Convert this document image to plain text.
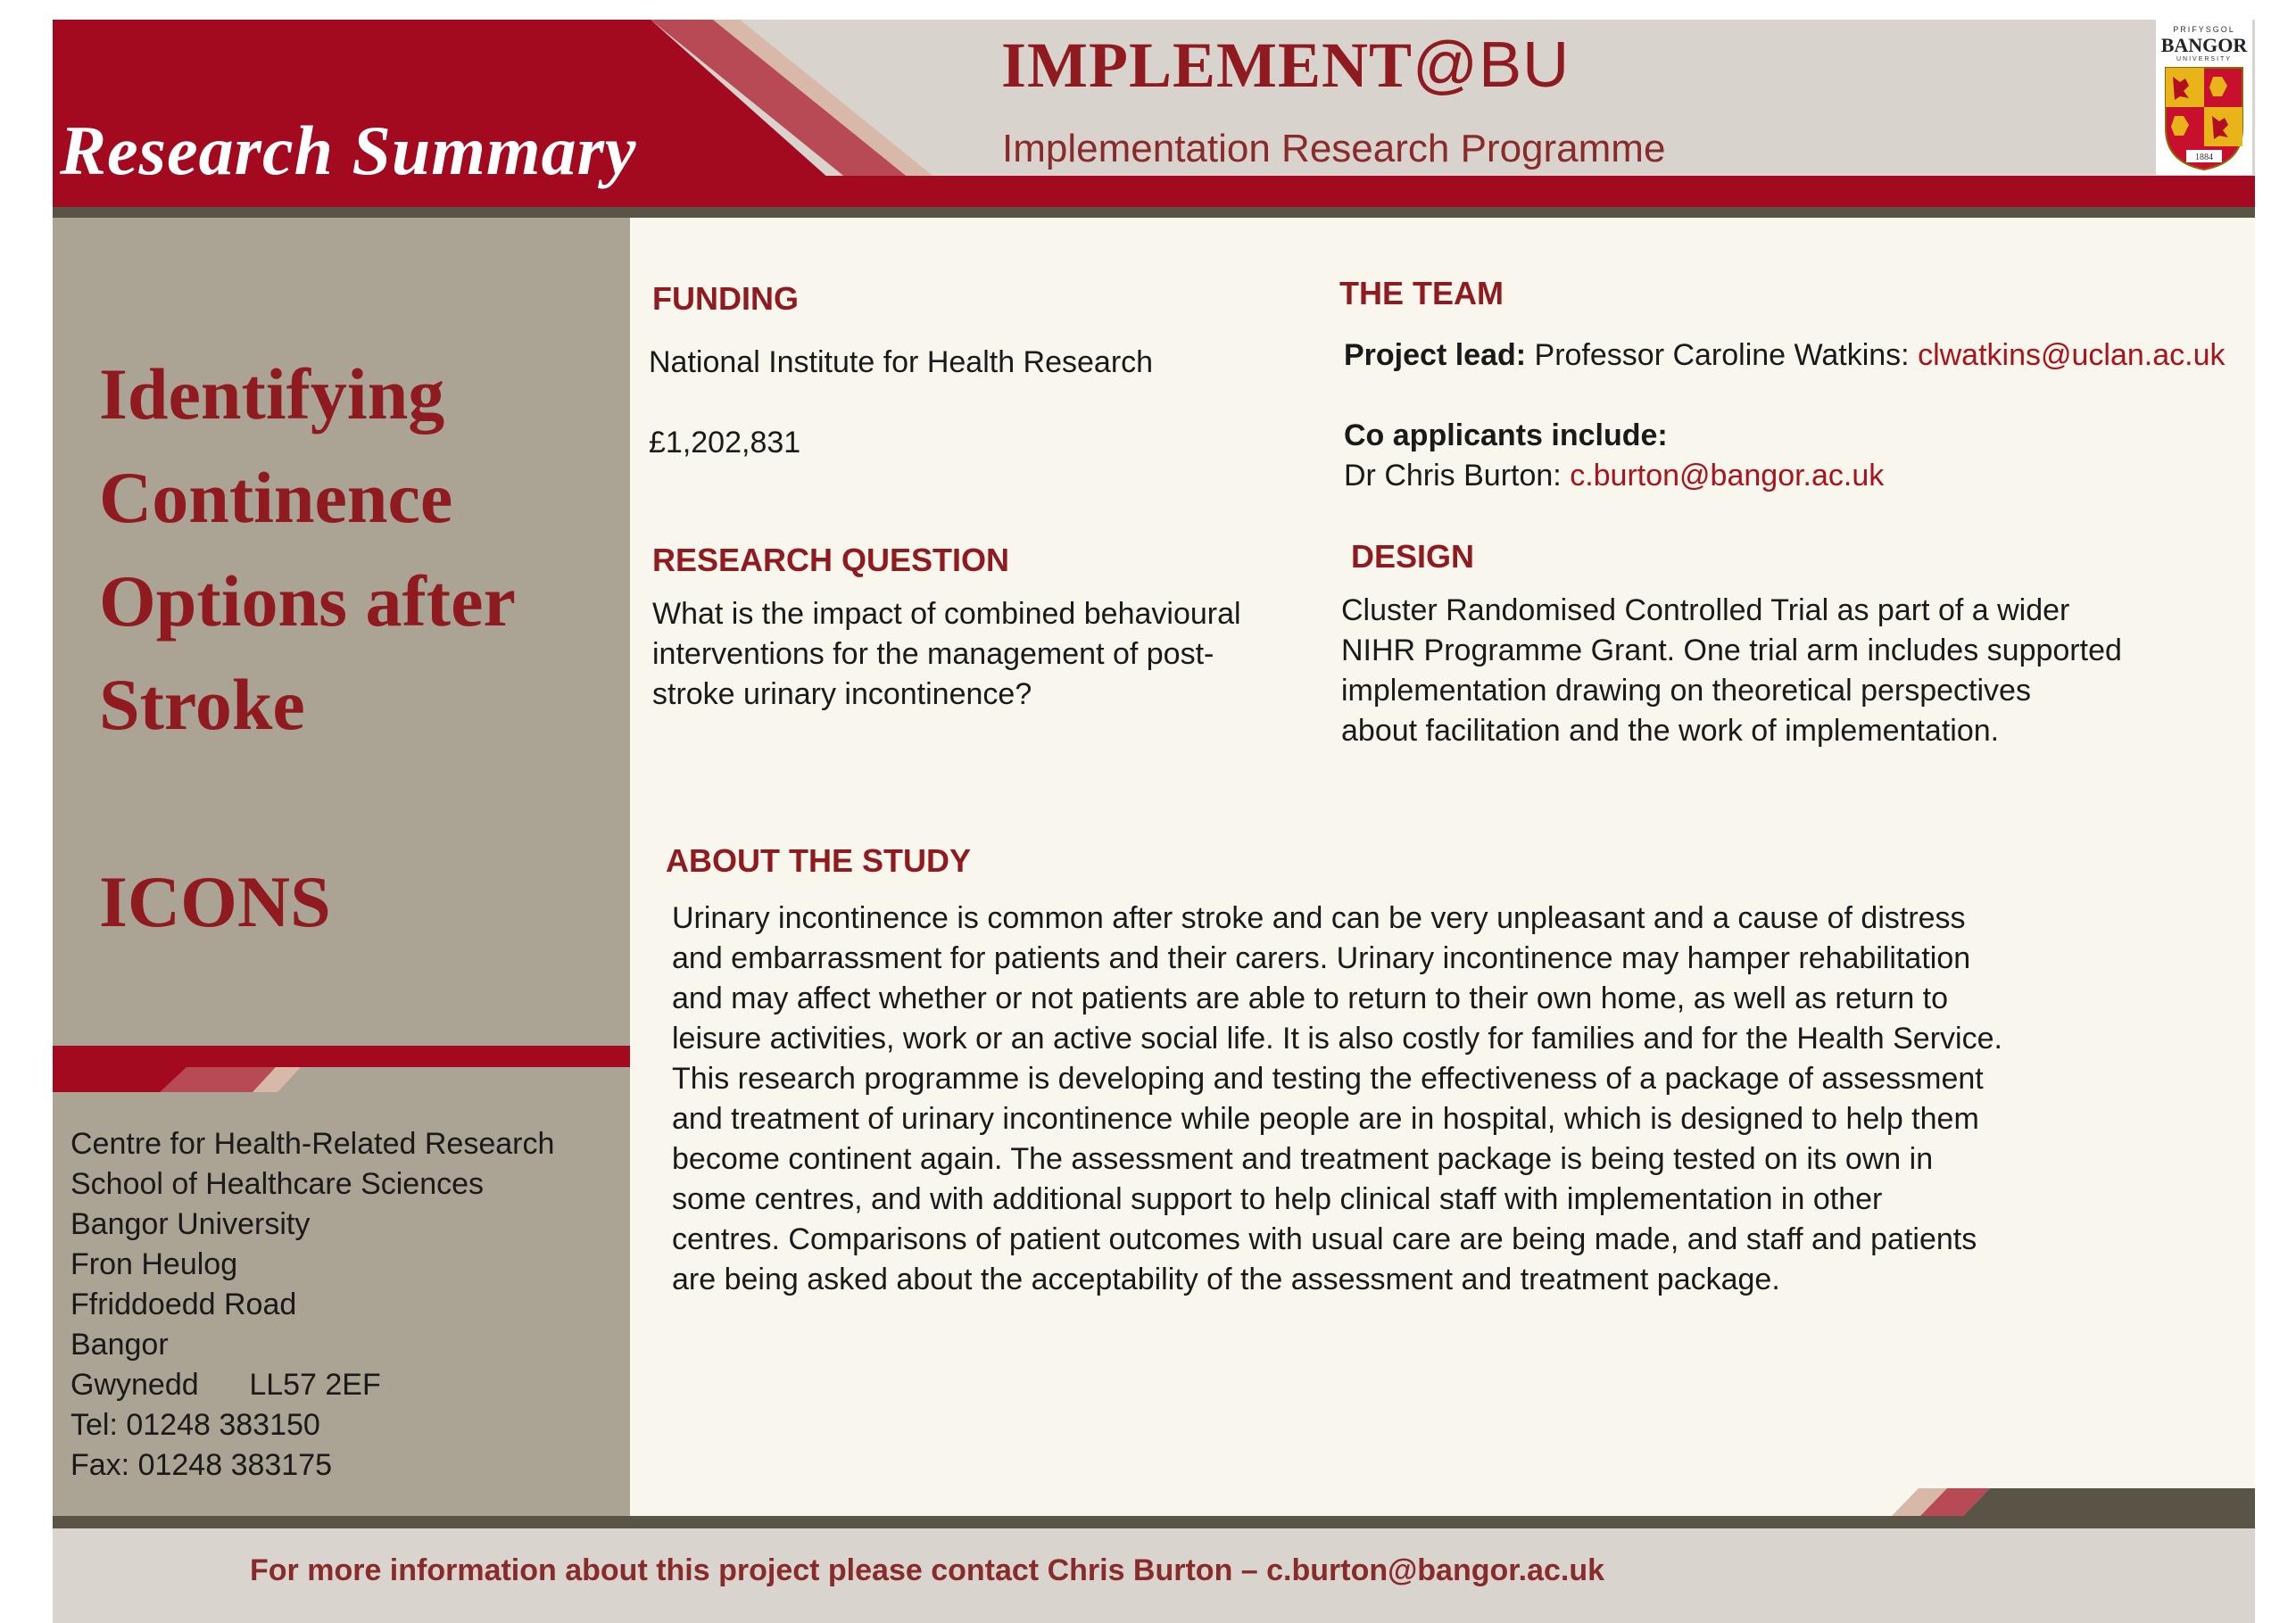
IMPLEMENT@BU
Implementation Research Programme
Research Summary
PRIFYSGOL
BANGOR
UNIVERSITY
1884
Identifying
Continence
Options after
Stroke
ICONS
Centre for Health-Related Research
School of Healthcare Sciences
Bangor University
Fron Heulog
Ffriddoedd Road
Bangor
Gwynedd      LL57 2EF
Tel: 01248 383150
Fax: 01248 383175
FUNDING
National Institute for Health Research
£1,202,831
THE TEAM
Project lead: Professor Caroline Watkins: clwatkins@uclan.ac.uk
Co applicants include:
Dr Chris Burton: c.burton@bangor.ac.uk
RESEARCH QUESTION
What is the impact of combined behavioural
interventions for the management of post-
stroke urinary incontinence?
DESIGN
Cluster Randomised Controlled Trial as part of a wider
NIHR Programme Grant. One trial arm includes supported
implementation drawing on theoretical perspectives
about facilitation and the work of implementation.
ABOUT THE STUDY
Urinary incontinence is common after stroke and can be very unpleasant and a cause of distress
and embarrassment for patients and their carers. Urinary incontinence may hamper rehabilitation
and may affect whether or not patients are able to return to their own home, as well as return to
leisure activities, work or an active social life. It is also costly for families and for the Health Service.
This research programme is developing and testing the effectiveness of a package of assessment
and treatment of urinary incontinence while people are in hospital, which is designed to help them
become continent again. The assessment and treatment package is being tested on its own in
some centres, and with additional support to help clinical staff with implementation in other
centres. Comparisons of patient outcomes with usual care are being made, and staff and patients
are being asked about the acceptability of the assessment and treatment package.
For more information about this project please contact Chris Burton – c.burton@bangor.ac.uk
